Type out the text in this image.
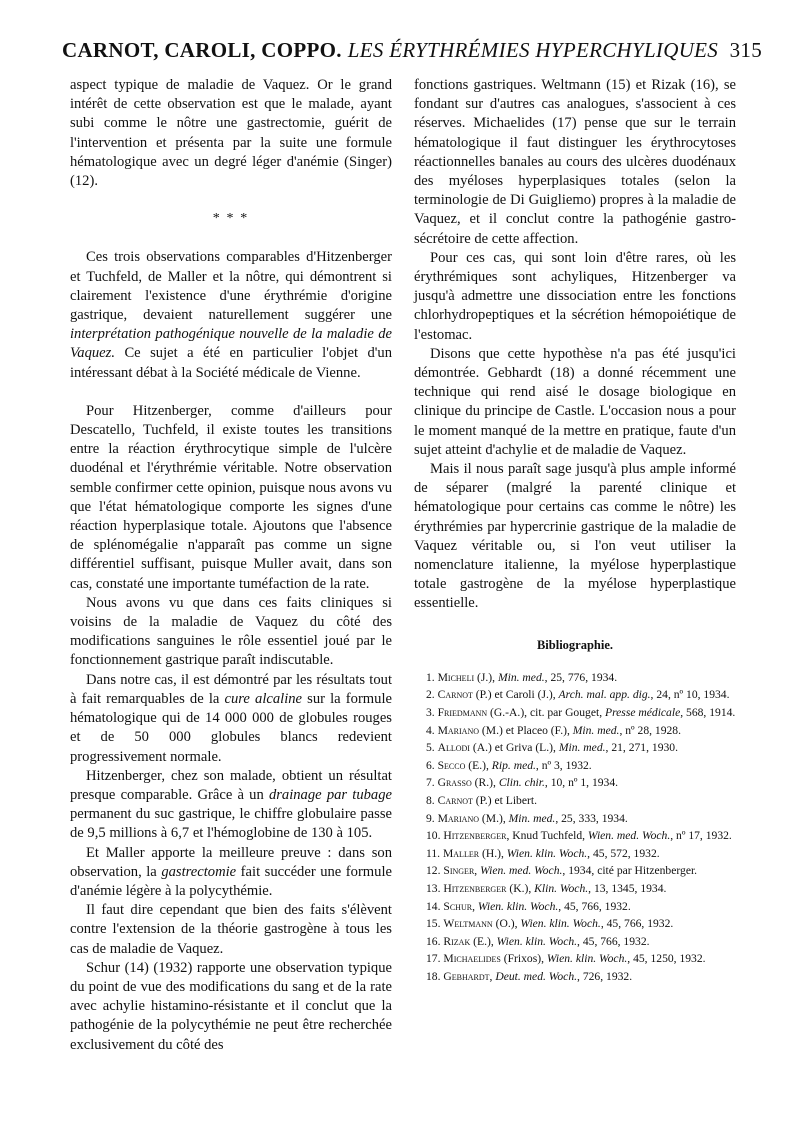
CARNOT, CAROLI, COPPO. LES ÉRYTHRÉMIES HYPERCHYLIQUES 315

aspect typique de maladie de Vaquez. Or le grand intérêt de cette observation est que le malade, ayant subi comme le nôtre une gastrectomie, guérit de l'intervention et présenta par la suite une formule hématologique avec un degré léger d'anémie (Singer) (12).

* * *

Ces trois observations comparables d'Hitzenberger et Tuchfeld, de Maller et la nôtre, qui démontrent si clairement l'existence d'une érythrémie d'origine gastrique, devaient naturellement suggérer une interprétation pathogénique nouvelle de la maladie de Vaquez. Ce sujet a été en particulier l'objet d'un intéressant débat à la Société médicale de Vienne.

Pour Hitzenberger, comme d'ailleurs pour Descatello, Tuchfeld, il existe toutes les transitions entre la réaction érythrocytique simple de l'ulcère duodénal et l'érythrémie véritable. Notre observation semble confirmer cette opinion, puisque nous avons vu que l'état hématologique comporte les signes d'une réaction hyperplasique totale. Ajoutons que l'absence de splénomégalie n'apparaît pas comme un signe différentiel suffisant, puisque Muller avait, dans son cas, constaté une importante tuméfaction de la rate.

Nous avons vu que dans ces faits cliniques si voisins de la maladie de Vaquez du côté des modifications sanguines le rôle essentiel joué par le fonctionnement gastrique paraît indiscutable.

Dans notre cas, il est démontré par les résultats tout à fait remarquables de la cure alcaline sur la formule hématologique qui de 14 000 000 de globules rouges et de 50 000 globules blancs redevient progressivement normale.

Hitzenberger, chez son malade, obtient un résultat presque comparable. Grâce à un drainage par tubage permanent du suc gastrique, le chiffre globulaire passe de 9,5 millions à 6,7 et l'hémoglobine de 130 à 105.

Et Maller apporte la meilleure preuve : dans son observation, la gastrectomie fait succéder une formule d'anémie légère à la polycythémie.

Il faut dire cependant que bien des faits s'élèvent contre l'extension de la théorie gastrogène à tous les cas de maladie de Vaquez.

Schur (14) (1932) rapporte une observation typique du point de vue des modifications du sang et de la rate avec achylie histamino-résistante et il conclut que la pathogénie de la polycythémie ne peut être recherchée exclusivement du côté des

fonctions gastriques. Weltmann (15) et Rizak (16), se fondant sur d'autres cas analogues, s'associent à ces réserves. Michaelides (17) pense que sur le terrain hématologique il faut distinguer les érythrocytoses réactionnelles banales au cours des ulcères duodénaux des myéloses hyperplasiques totales (selon la terminologie de Di Guigliemo) propres à la maladie de Vaquez, et il conclut contre la pathogénie gastro-sécrétoire de cette affection.

Pour ces cas, qui sont loin d'être rares, où les érythrémiques sont achyliques, Hitzenberger va jusqu'à admettre une dissociation entre les fonctions chlorhydropeptiques et la sécrétion hémopoiétique de l'estomac.

Disons que cette hypothèse n'a pas été jusqu'ici démontrée. Gebhardt (18) a donné récemment une technique qui rend aisé le dosage biologique en clinique du principe de Castle. L'occasion nous a pour le moment manqué de la mettre en pratique, faute d'un sujet atteint d'achylie et de maladie de Vaquez.

Mais il nous paraît sage jusqu'à plus ample informé de séparer (malgré la parenté clinique et hématologique pour certains cas comme le nôtre) les érythrémies par hypercrinie gastrique de la maladie de Vaquez véritable ou, si l'on veut utiliser la nomenclature italienne, la myélose hyperplastique totale gastrogène de la myélose hyperplastique essentielle.

Bibliographie.
1. Micheli (J.), Min. med., 25, 776, 1934.
2. Carnot (P.) et Caroli (J.), Arch. mal. app. dig., 24, nº 10, 1934.
3. Friedmann (G.-A.), cit. par Gouget, Presse médicale, 568, 1914.
4. Mariano (M.) et Placeo (F.), Min. med., nº 28, 1928.
5. Allodi (A.) et Griva (L.), Min. med., 21, 271, 1930.
6. Secco (E.), Rip. med., nº 3, 1932.
7. Grasso (R.), Clin. chir., 10, nº 1, 1934.
8. Carnot (P.) et Libert.
9. Mariano (M.), Min. med., 25, 333, 1934.
10. Hitzenberger, Knud Tuchfeld, Wien. med. Woch., nº 17, 1932.
11. Maller (H.), Wien. klin. Woch., 45, 572, 1932.
12. Singer, Wien. med. Woch., 1934, cité par Hitzenberger.
13. Hitzenberger (K.), Klin. Woch., 13, 1345, 1934.
14. Schur, Wien. klin. Woch., 45, 766, 1932.
15. Weltmann (O.), Wien. klin. Woch., 45, 766, 1932.
16. Rizak (E.), Wien. klin. Woch., 45, 766, 1932.
17. Michaelides (Frixos), Wien. klin. Woch., 45, 1250, 1932.
18. Gebhardt, Deut. med. Woch., 726, 1932.
